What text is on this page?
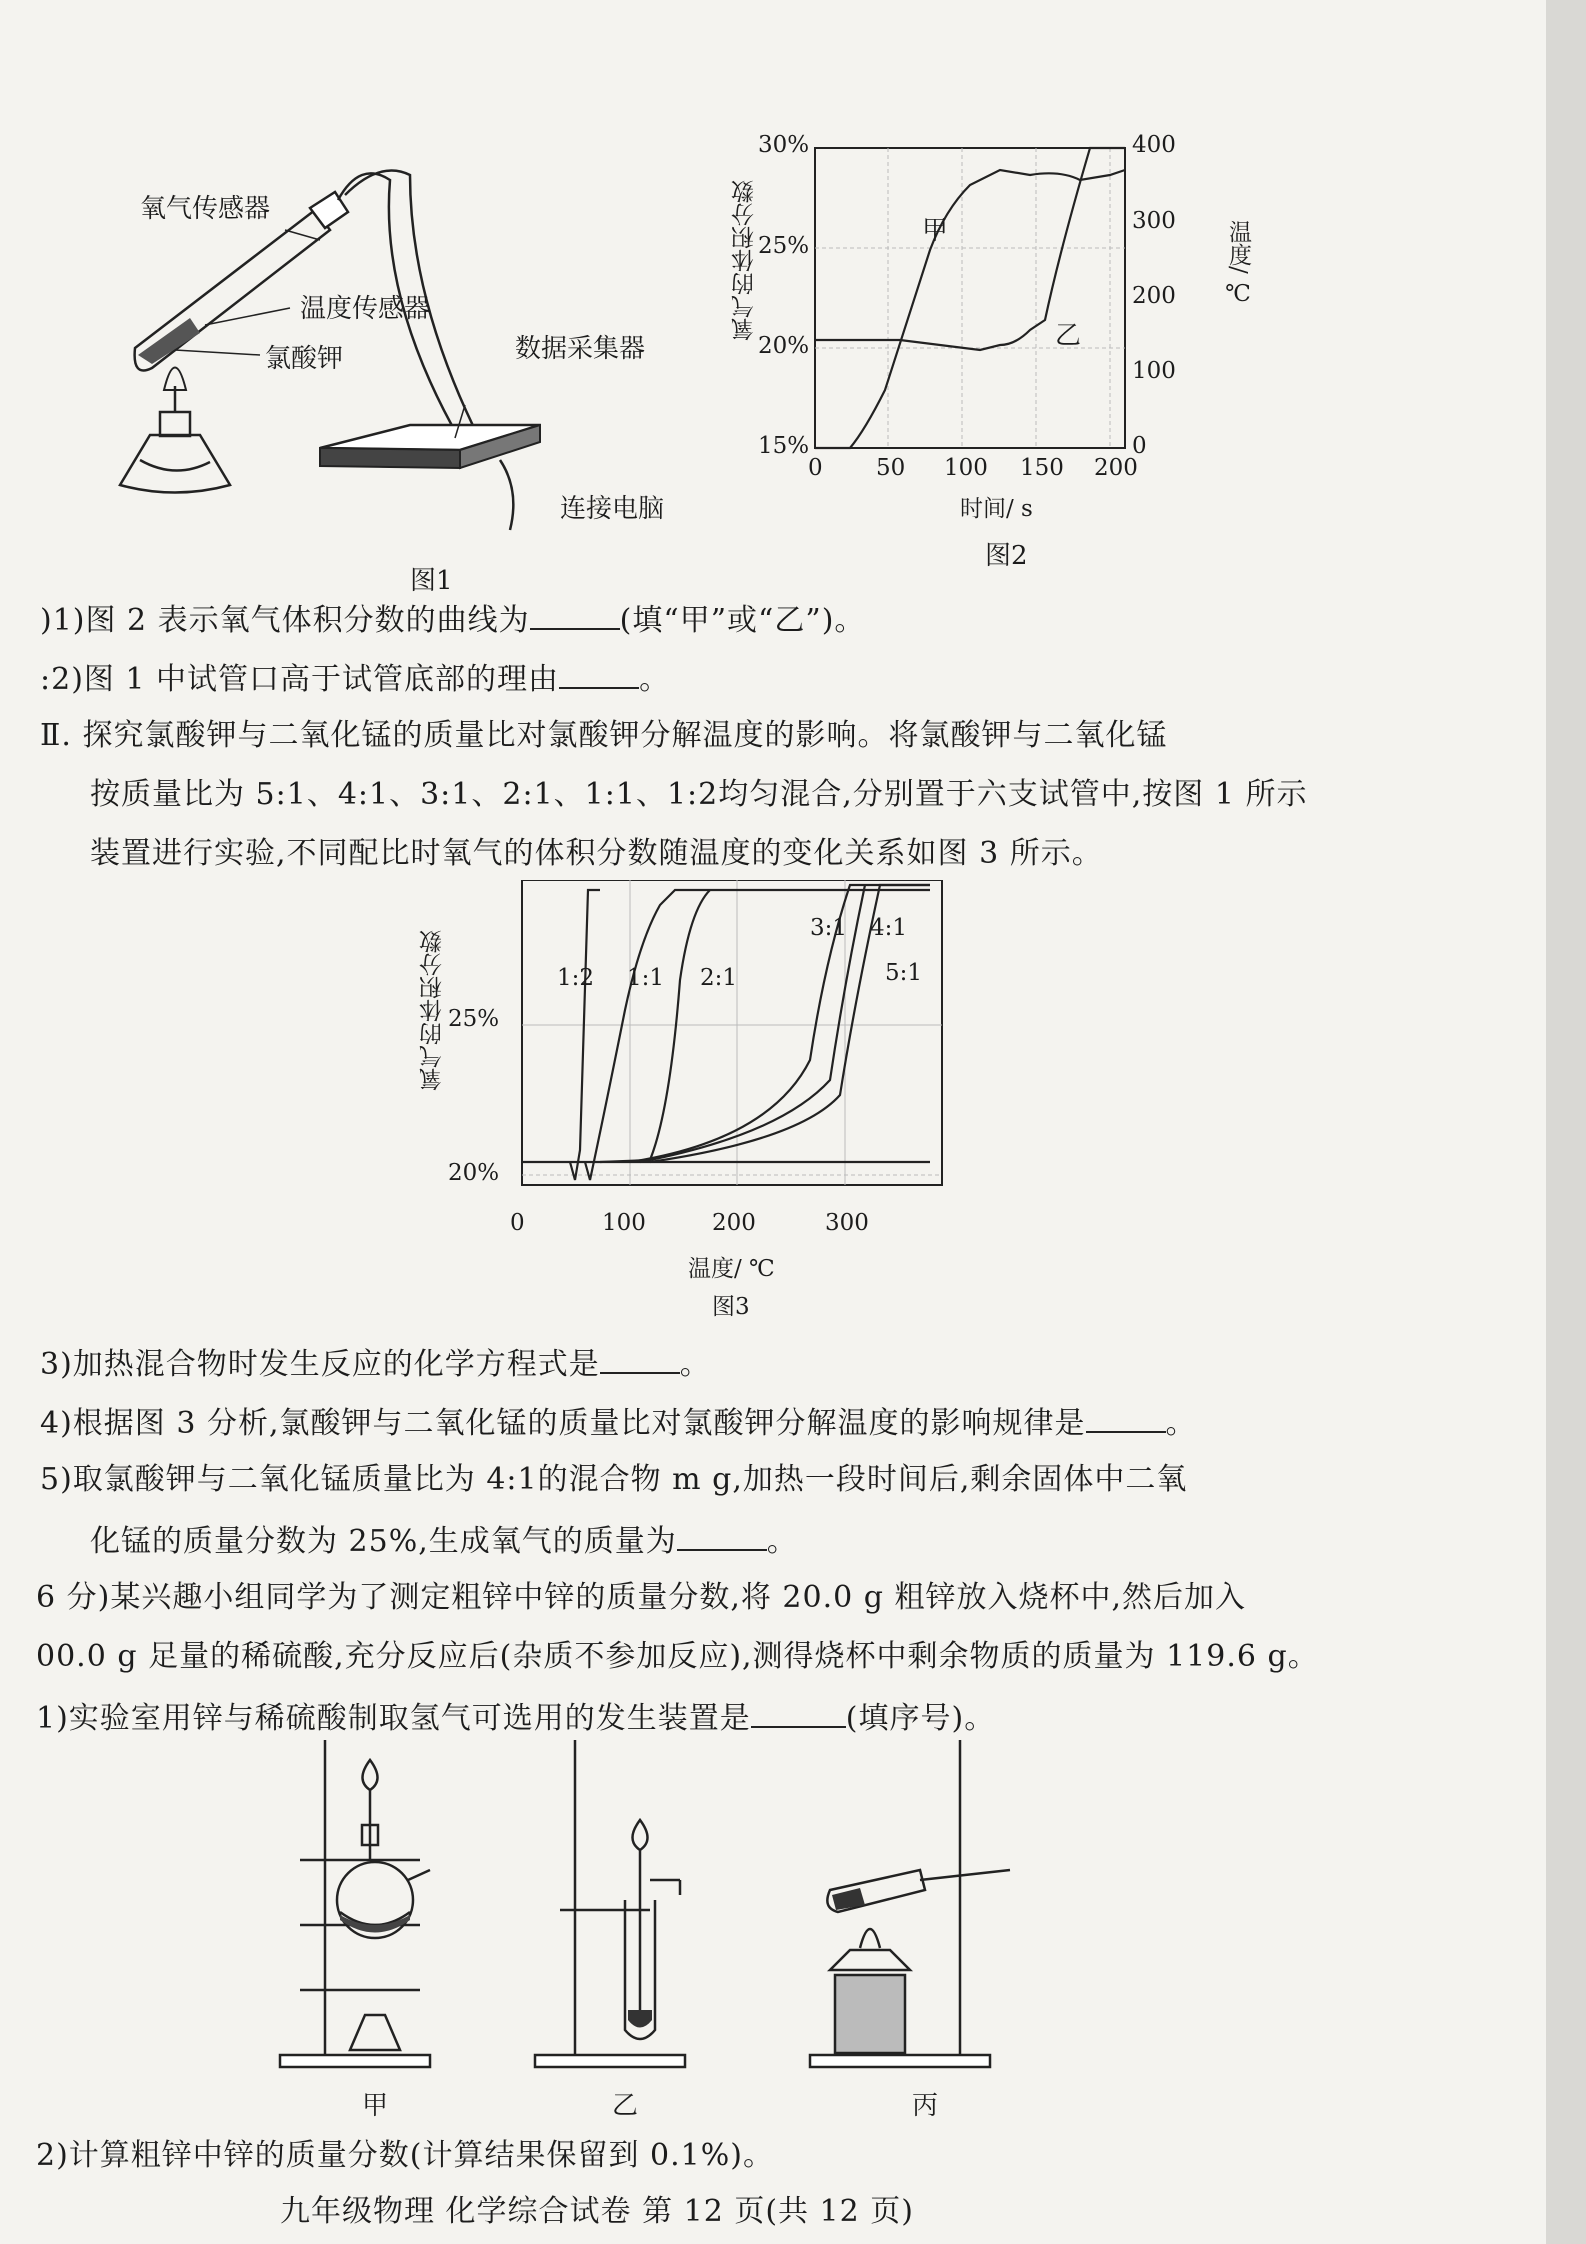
氧气传感器
温度传感器
氯酸钾	数据采集器
连接电脑
图1
30%
25%
20%
15%
400
300
200
100
0
0 50 100 150 200
时间/ s
图2
氧气的体积分数	温度/ ℃
甲
乙
)1)图 2 表示氧气体积分数的曲线为	(填“甲”或“乙”)。
:2)图 1 中试管口高于试管底部的理由	。
Ⅱ. 探究氯酸钾与二氧化锰的质量比对氯酸钾分解温度的影响。将氯酸钾与二氧化锰
按质量比为 5:1、4:1、3:1、2:1、1:1、1:2均匀混合,分别置于六支试管中,按图 1 所示
装置进行实验,不同配比时氧气的体积分数随温度的变化关系如图 3 所示。
25%
20%
0	100	200	300
温度/ ℃
图3
氧气的体积分数	1:2 1:1 2:1
3:1 4:1
5:1
3)加热混合物时发生反应的化学方程式是	。
4)根据图 3 分析,氯酸钾与二氧化锰的质量比对氯酸钾分解温度的影响规律是	。
5)取氯酸钾与二氧化锰质量比为 4:1的混合物 m g,加热一段时间后,剩余固体中二氧
化锰的质量分数为 25%,生成氧气的质量为	。
6 分)某兴趣小组同学为了测定粗锌中锌的质量分数,将 20.0 g 粗锌放入烧杯中,然后加入
00.0 g 足量的稀硫酸,充分反应后(杂质不参加反应),测得烧杯中剩余物质的质量为 119.6 g。
1)实验室用锌与稀硫酸制取氢气可选用的发生装置是	(填序号)。
甲	乙	丙
2)计算粗锌中锌的质量分数(计算结果保留到 0.1%)。
九年级物理 化学综合试卷 第 12 页(共 12 页)
